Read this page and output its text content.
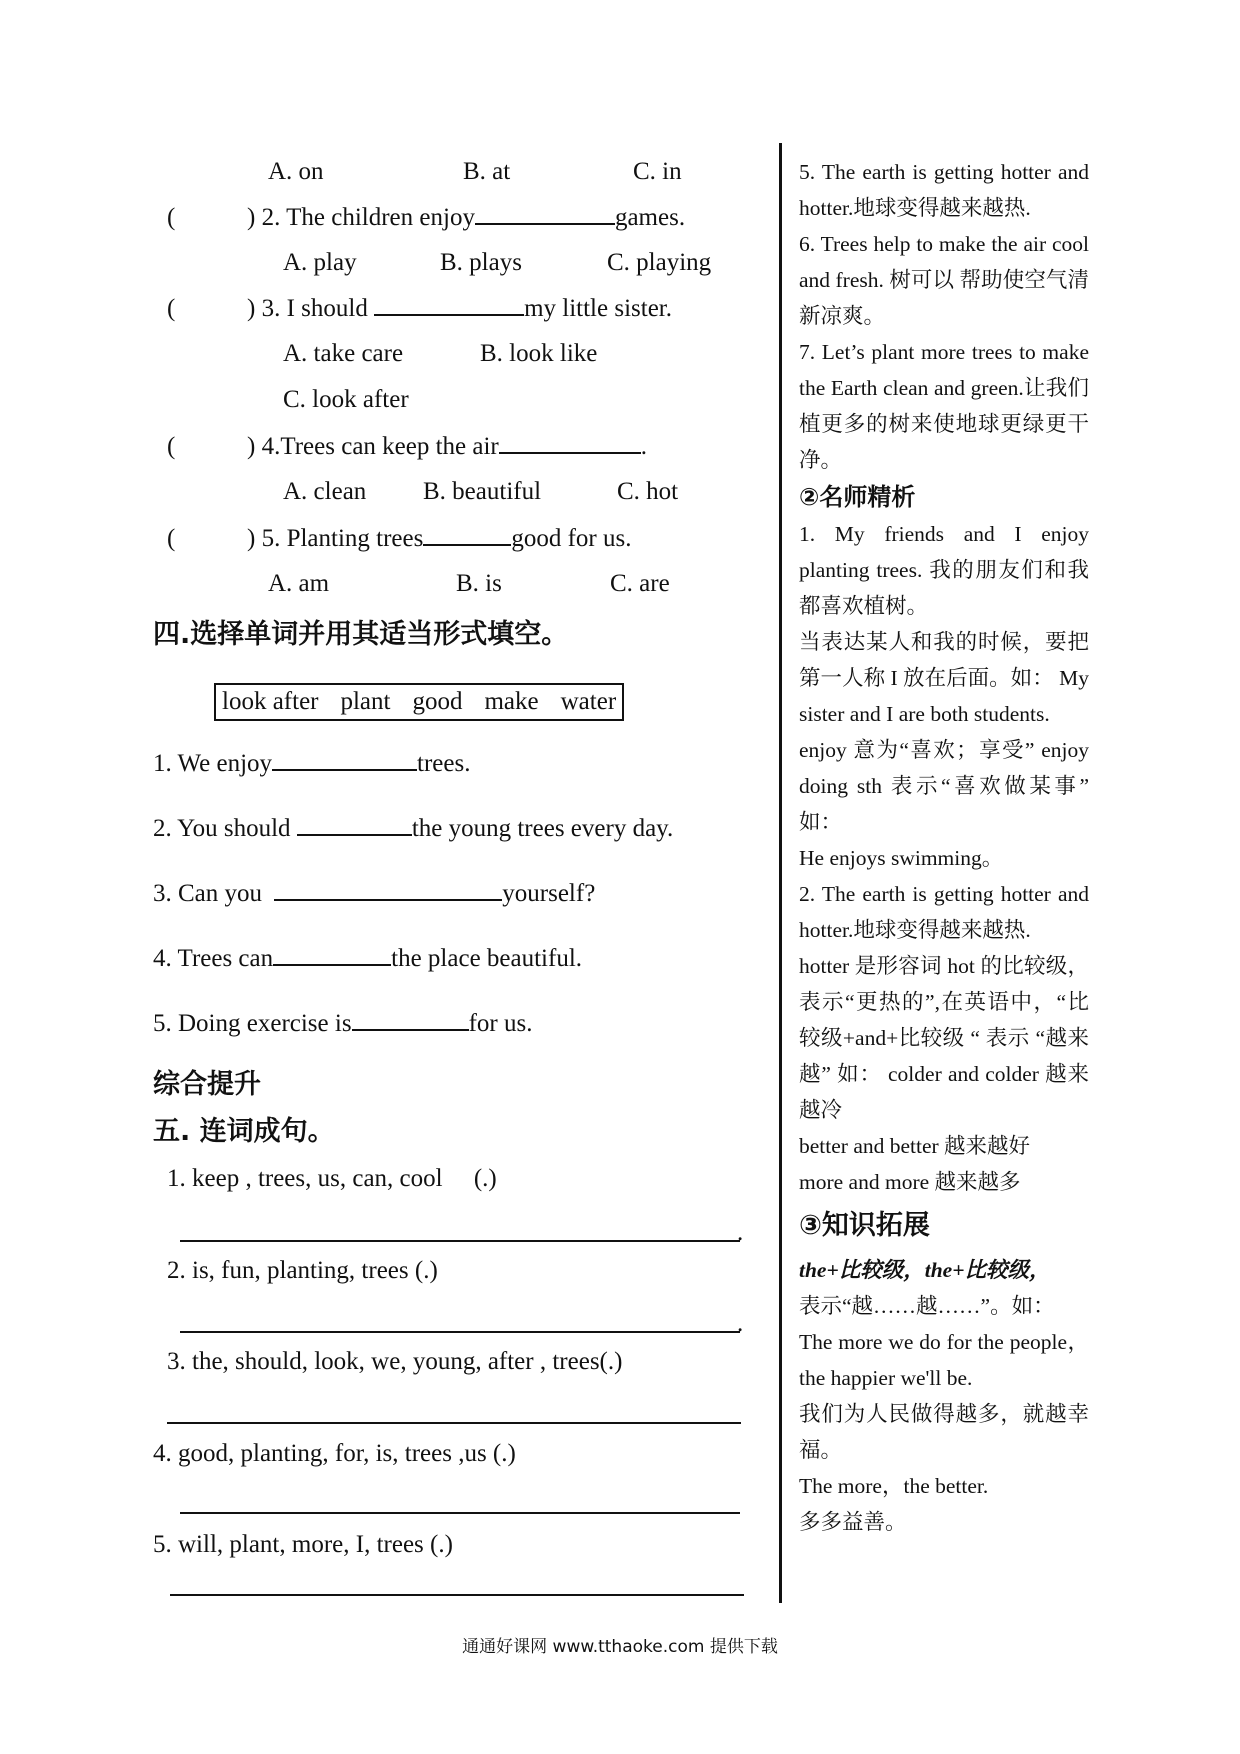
A. on	B. at	C. in
(	) 2. The children enjoy	games.
A. play	B. plays	C. playing
(	) 3. I should	my little sister.
A. take care	B. look like
C. look after
(	) 4.Trees can keep the air	.
A. clean B. beautiful	C. hot
(	) 5. Planting trees	good for us.
A. am	B. is	C. are
四.选择单词并用其适当形式填空。
look after plant good make water
1. We enjoy	trees.
2. You should	the young trees every day.
3. Can you	yourself?
4. Trees can	the place beautiful.
5. Doing exercise is	for us.
综合提升
五. 连词成句。
1. keep , trees, us, can, cool     (.)
.
2. is, fun, planting, trees (.)
.
3. the, should, look, we, young, after , trees(.)
4. good, planting, for, is, trees ,us (.)
5. will, plant, more, I, trees (.)

5. The earth is getting hotter and hotter.地球变得越来越热.

6. Trees help to make the air cool and fresh. 树可以 帮助使空气清新凉爽。

7. Let’s plant more trees to make the Earth clean and green.让我们植更多的树来使地球更绿更干净。

②名师精析

1. My friends and I enjoy planting trees. 我的朋友们和我都喜欢植树。

当表达某人和我的时候，要把第一人称 I 放在后面。如： My sister and I are both students.

enjoy 意为“喜欢；享受” enjoy doing sth 表示“喜欢做某事” 如：

He enjoys swimming。

2. The earth is getting hotter and hotter.地球变得越来越热.

hotter 是形容词 hot 的比较级，表示“更热的”,在英语中，“比较级+and+比较级 “ 表示 “越来越” 如： colder and colder 越来越冷

better and better 越来越好

more and more 越来越多

③知识拓展

the+比较级，the+比较级，

表示“越……越……”。如：

The more we do for the people，the happier we'll be.

我们为人民做得越多，就越幸福。

The more，the better.

多多益善。

通通好课网 www.tthaoke.com 提供下载
